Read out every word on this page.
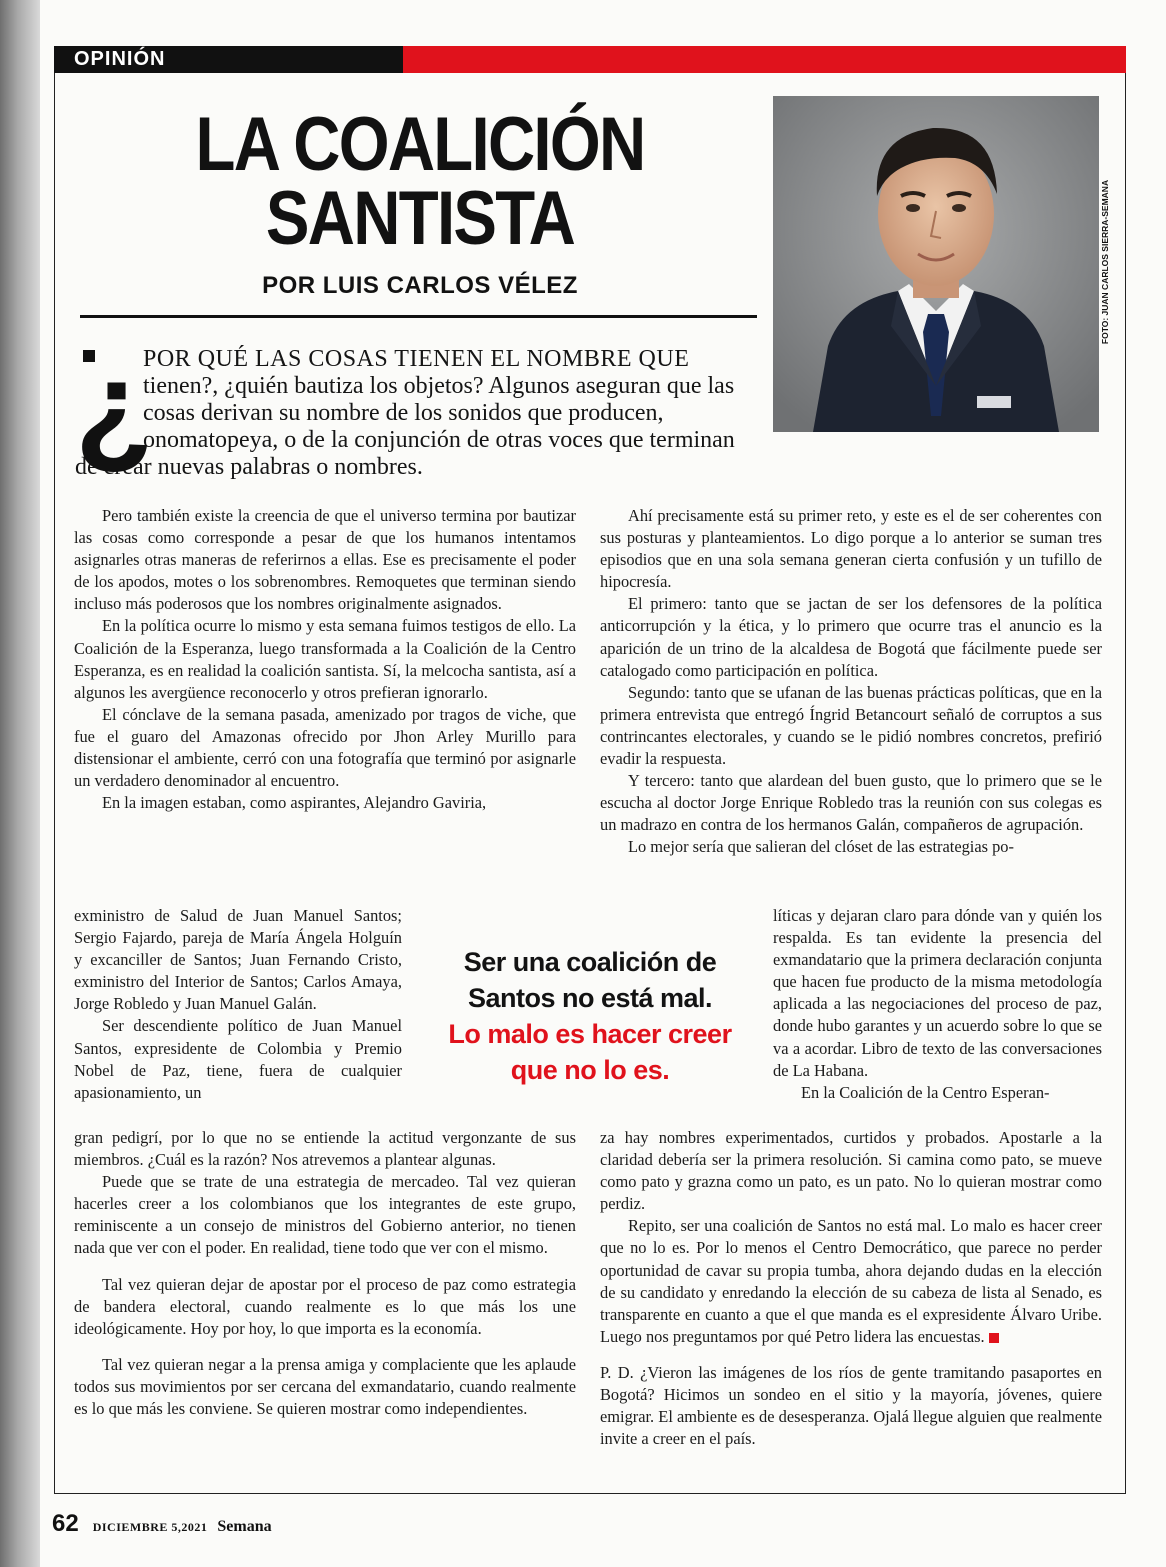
OPINIÓN
LA COALICIÓN
SANTISTA
POR LUIS CARLOS VÉLEZ	FOTO: JUAN CARLOS SIERRA-SEMANA
¿
POR QUÉ LAS COSAS TIENEN EL NOMBRE QUE tienen?, ¿quién bautiza los objetos? Algunos aseguran que las cosas derivan su nombre de los sonidos que producen, onomatopeya, o de la conjunción de otras voces que terminan de crear nuevas palabras o nombres.

Pero también existe la creencia de que el universo termina por bautizar las cosas como corresponde a pesar de que los humanos intentamos asignarles otras maneras de referirnos a ellas. Ese es precisamente el poder de los apodos, motes o los sobrenombres. Remoquetes que terminan siendo incluso más poderosos que los nombres originalmente asignados.

En la política ocurre lo mismo y esta semana fuimos testigos de ello. La Coalición de la Esperanza, luego transformada a la Coalición de la Centro Esperanza, es en realidad la coalición santista. Sí, la melcocha santista, así a algunos les avergüence reconocerlo y otros prefieran ignorarlo.

El cónclave de la semana pasada, amenizado por tragos de viche, que fue el guaro del Amazonas ofrecido por Jhon Arley Murillo para distensionar el ambiente, cerró con una fotografía que terminó por asignarle un verdadero denominador al encuentro.

En la imagen estaban, como aspirantes, Alejandro Gaviria,

exministro de Salud de Juan Manuel Santos; Sergio Fajardo, pareja de María Ángela Holguín y excanciller de Santos; Juan Fernando Cristo, exministro del Interior de Santos; Carlos Amaya, Jorge Robledo y Juan Manuel Galán.

Ser descendiente político de Juan Manuel Santos, expresidente de Colombia y Premio Nobel de Paz, tiene, fuera de cualquier apasionamiento, un

gran pedigrí, por lo que no se entiende la actitud vergonzante de sus miembros. ¿Cuál es la razón? Nos atrevemos a plantear algunas.

Puede que se trate de una estrategia de mercadeo. Tal vez quieran hacerles creer a los colombianos que los integrantes de este grupo, reminiscente a un consejo de ministros del Gobierno anterior, no tienen nada que ver con el poder. En realidad, tiene todo que ver con el mismo.

Tal vez quieran dejar de apostar por el proceso de paz como estrategia de bandera electoral, cuando realmente es lo que más los une ideológicamente. Hoy por hoy, lo que importa es la economía.

Tal vez quieran negar a la prensa amiga y complaciente que les aplaude todos sus movimientos por ser cercana del exmandatario, cuando realmente es lo que más les conviene. Se quieren mostrar como independientes.

Ahí precisamente está su primer reto, y este es el de ser coherentes con sus posturas y planteamientos. Lo digo porque a lo anterior se suman tres episodios que en una sola semana generan cierta confusión y un tufillo de hipocresía.

El primero: tanto que se jactan de ser los defensores de la política anticorrupción y la ética, y lo primero que ocurre tras el anuncio es la aparición de un trino de la alcaldesa de Bogotá que fácilmente puede ser catalogado como participación en política.

Segundo: tanto que se ufanan de las buenas prácticas políticas, que en la primera entrevista que entregó Íngrid Betancourt señaló de corruptos a sus contrincantes electorales, y cuando se le pidió nombres concretos, prefirió evadir la respuesta.

Y tercero: tanto que alardean del buen gusto, que lo primero que se le escucha al doctor Jorge Enrique Robledo tras la reunión con sus colegas es un madrazo en contra de los hermanos Galán, compañeros de agrupación.

Lo mejor sería que salieran del clóset de las estrategias po-

líticas y dejaran claro para dónde van y quién los respalda. Es tan evidente la presencia del exmandatario que la primera declaración conjunta que hacen fue producto de la misma metodología aplicada a las negociaciones del proceso de paz, donde hubo garantes y un acuerdo sobre lo que se va a acordar. Libro de texto de las conversaciones de La Habana.

En la Coalición de la Centro Esperan-

za hay nombres experimentados, curtidos y probados. Apostarle a la claridad debería ser la primera resolución. Si camina como pato, se mueve como pato y grazna como un pato, es un pato. No lo quieran mostrar como perdiz.

Repito, ser una coalición de Santos no está mal. Lo malo es hacer creer que no lo es. Por lo menos el Centro Democrático, que parece no perder oportunidad de cavar su propia tumba, ahora dejando dudas en la elección de su candidato y enredando la elección de su cabeza de lista al Senado, es transparente en cuanto a que el que manda es el expresidente Álvaro Uribe. Luego nos preguntamos por qué Petro lidera las encuestas.

P. D. ¿Vieron las imágenes de los ríos de gente tramitando pasaportes en Bogotá? Hicimos un sondeo en el sitio y la mayoría, jóvenes, quiere emigrar. El ambiente es de desesperanza. Ojalá llegue alguien que realmente invite a creer en el país.

Ser una coalición de Santos no está mal.
Lo malo es hacer creer que no lo es.
62 DICIEMBRE 5,2021 Semana
